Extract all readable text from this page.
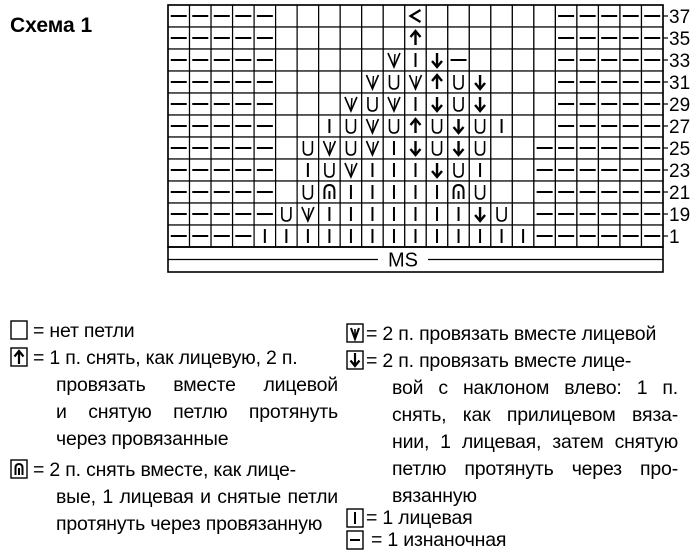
Схема 1	37
35
33
31
29
27
25
23
21
19
1
MS
= нет петли
= 1 п. снять, как лицевую, 2 п.
провязать вместе лицевой
и снятую петлю протянуть
через провязанные
= 2 п. снять вместе, как лице-
вые, 1 лицевая и снятые петли
протянуть через провязанную
= 2 п. провязать вместе лицевой
= 2 п. провязать вместе лице-
вой с наклоном влево: 1 п.
снять, как прилицевом вяза-
нии, 1 лицевая, затем снятую
петлю протянуть через про-
вязанную
= 1 лицевая
= 1 изнаночная
